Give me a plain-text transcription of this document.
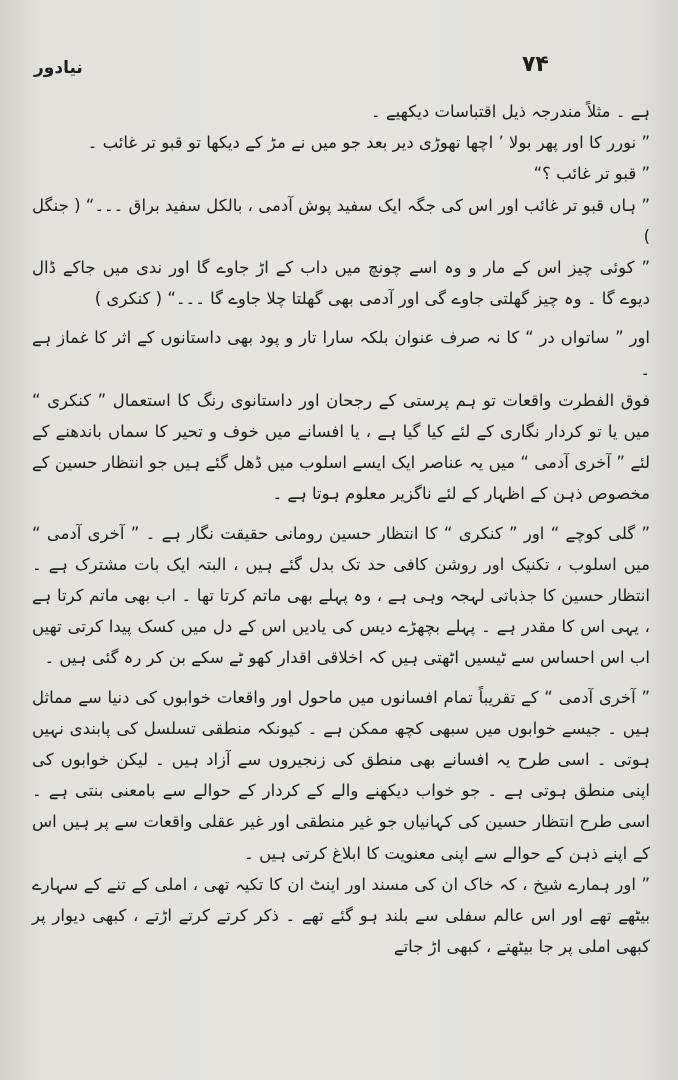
نیادور	۷۴

ہے ۔ مثلاً مندرجہ ذیل اقتباسات دیکھیے ۔

” نورر کا اور پھر بولا ’ اچھا تھوڑی دیر بعد جو میں نے مڑ کے دیکھا تو قبو تر غائب ۔

” قبو تر غائب ؟“

” ہاں قبو تر غائب اور اس کی جگہ ایک سفید پوش آدمی ، بالکل سفید براق ۔۔۔“ ( جنگل )

” کوئی چیز اس کے مار و وہ اسے چونچ میں داب کے اڑ جاوے گا اور ندی میں جاکے ڈال دیوے گا ۔ وہ چیز گھلتی جاوے گی اور آدمی بھی گھلتا چلا جاوے گا ۔۔۔“ ( کنکری )

اور ” ساتواں در “ کا نہ صرف عنوان بلکہ سارا تار و پود بھی داستانوں کے اثر کا غماز ہے ۔

فوق الفطرت واقعات تو ہم پرستی کے رجحان اور داستانوی رنگ کا استعمال ” کنکری “ میں یا تو کردار نگاری کے لئے کیا گیا ہے ، یا افسانے میں خوف و تحیر کا سماں باندھنے کے لئے ” آخری آدمی “ میں یہ عناصر ایک ایسے اسلوب میں ڈھل گئے ہیں جو انتظار حسین کے مخصوص ذہن کے اظہار کے لئے ناگزیر معلوم ہوتا ہے ۔

” گلی کوچے “ اور ” کنکری “ کا انتظار حسین رومانی حقیقت نگار ہے ۔ ” آخری آدمی “ میں اسلوب ، تکنیک اور روشن کافی حد تک بدل گئے ہیں ، البتہ ایک بات مشترک ہے ۔ انتظار حسین کا جذباتی لہجہ وہی ہے ، وہ پہلے بھی ماتم کرتا تھا ۔ اب بھی ماتم کرتا ہے ، یہی اس کا مقدر ہے ۔ پہلے بچھڑے دیس کی یادیں اس کے دل میں کسک پیدا کرتی تھیں اب اس احساس سے ٹیسیں اٹھتی ہیں کہ اخلاقی اقدار کھو ٹے سکے بن کر رہ گئی ہیں ۔

” آخری آدمی “ کے تقریباً تمام افسانوں میں ماحول اور واقعات خوابوں کی دنیا سے مماثل ہیں ۔ جیسے خوابوں میں سبھی کچھ ممکن ہے ۔ کیونکہ منطقی تسلسل کی پابندی نہیں ہوتی ۔ اسی طرح یہ افسانے بھی منطق کی زنجیروں سے آزاد ہیں ۔ لیکن خوابوں کی اپنی منطق ہوتی ہے ۔ جو خواب دیکھنے والے کے کردار کے حوالے سے بامعنی بنتی ہے ۔ اسی طرح انتظار حسین کی کہانیاں جو غیر منطقی اور غیر عقلی واقعات سے پر ہیں اس کے اپنے ذہن کے حوالے سے اپنی معنویت کا ابلاغ کرتی ہیں ۔

” اور ہمارے شیخ ، کہ خاک ان کی مسند اور اینٹ ان کا تکیہ تھی ، املی کے تنے کے سہارے بیٹھے تھے اور اس عالم سفلی سے بلند ہو گئے تھے ۔ ذکر کرتے کرتے اڑتے ، کبھی دیوار پر کبھی املی پر جا بیٹھتے ، کبھی اڑ جاتے
